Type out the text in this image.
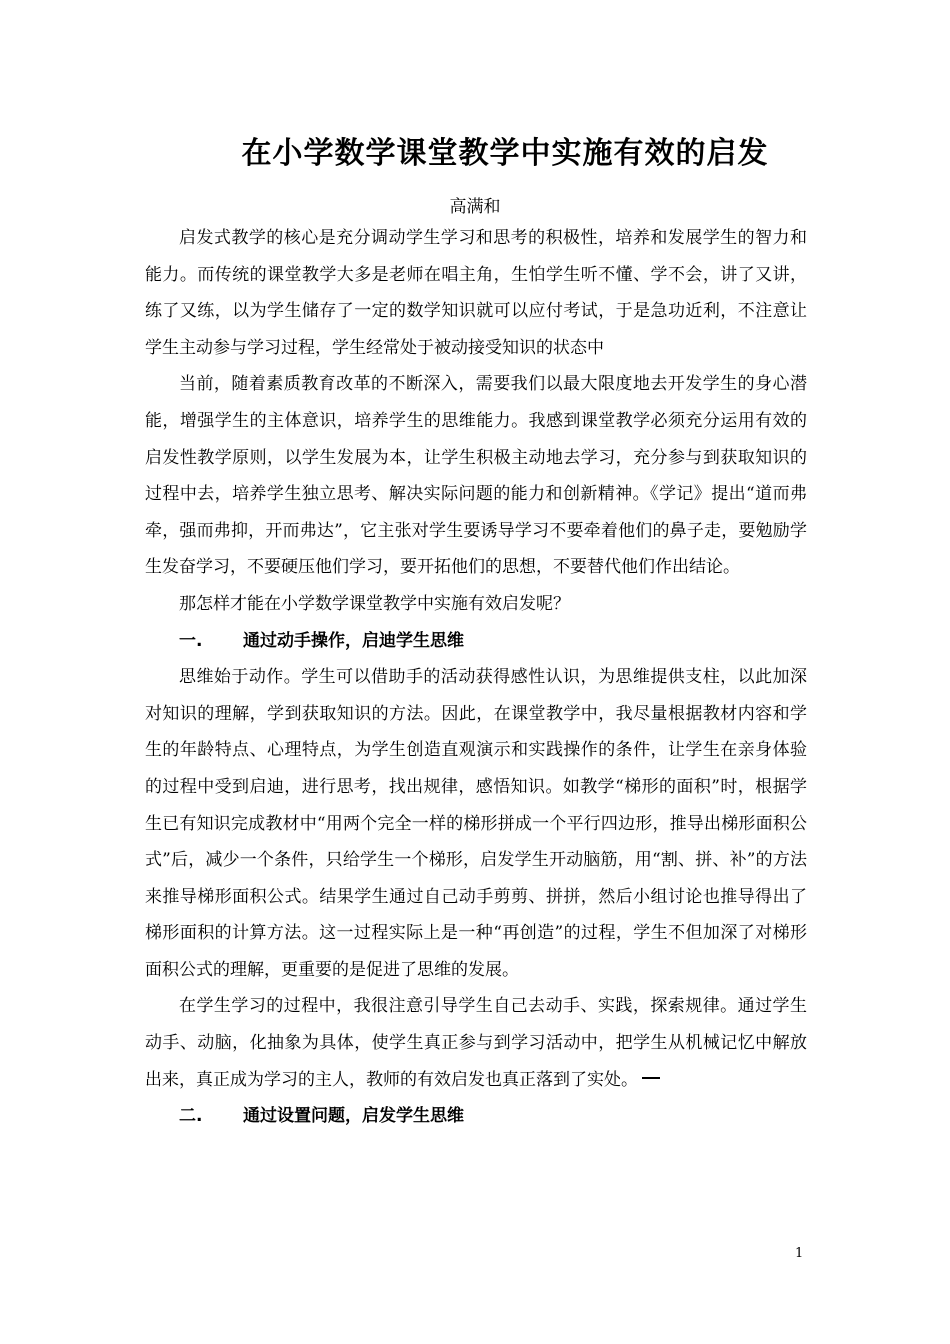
在小学数学课堂教学中实施有效的启发
高满和

启发式教学的核心是充分调动学生学习和思考的积极性，培养和发展学生的智力和能力。而传统的课堂教学大多是老师在唱主角，生怕学生听不懂、学不会，讲了又讲，练了又练，以为学生储存了一定的数学知识就可以应付考试，于是急功近利，不注意让学生主动参与学习过程，学生经常处于被动接受知识的状态中

当前，随着素质教育改革的不断深入，需要我们以最大限度地去开发学生的身心潜能，增强学生的主体意识，培养学生的思维能力。我感到课堂教学必须充分运用有效的启发性教学原则，以学生发展为本，让学生积极主动地去学习，充分参与到获取知识的过程中去，培养学生独立思考、解决实际问题的能力和创新精神。《学记》提出“道而弗牵，强而弗抑，开而弗达”，它主张对学生要诱导学习不要牵着他们的鼻子走，要勉励学生发奋学习，不要硬压他们学习，要开拓他们的思想，不要替代他们作出结论。

那怎样才能在小学数学课堂教学中实施有效启发呢？

一. 通过动手操作，启迪学生思维

思维始于动作。学生可以借助手的活动获得感性认识，为思维提供支柱，以此加深对知识的理解，学到获取知识的方法。因此，在课堂教学中，我尽量根据教材内容和学生的年龄特点、心理特点，为学生创造直观演示和实践操作的条件，让学生在亲身体验的过程中受到启迪，进行思考，找出规律，感悟知识。如教学“梯形的面积”时，根据学生已有知识完成教材中“用两个完全一样的梯形拼成一个平行四边形，推导出梯形面积公式”后，减少一个条件，只给学生一个梯形，启发学生开动脑筋，用“割、拼、补”的方法来推导梯形面积公式。结果学生通过自己动手剪剪、拼拼，然后小组讨论也推导得出了梯形面积的计算方法。这一过程实际上是一种“再创造”的过程，学生不但加深了对梯形面积公式的理解，更重要的是促进了思维的发展。

在学生学习的过程中，我很注意引导学生自己去动手、实践，探索规律。通过学生动手、动脑，化抽象为具体，使学生真正参与到学习活动中，把学生从机械记忆中解放出来，真正成为学习的主人，教师的有效启发也真正落到了实处。

二. 通过设置问题，启发学生思维

1
